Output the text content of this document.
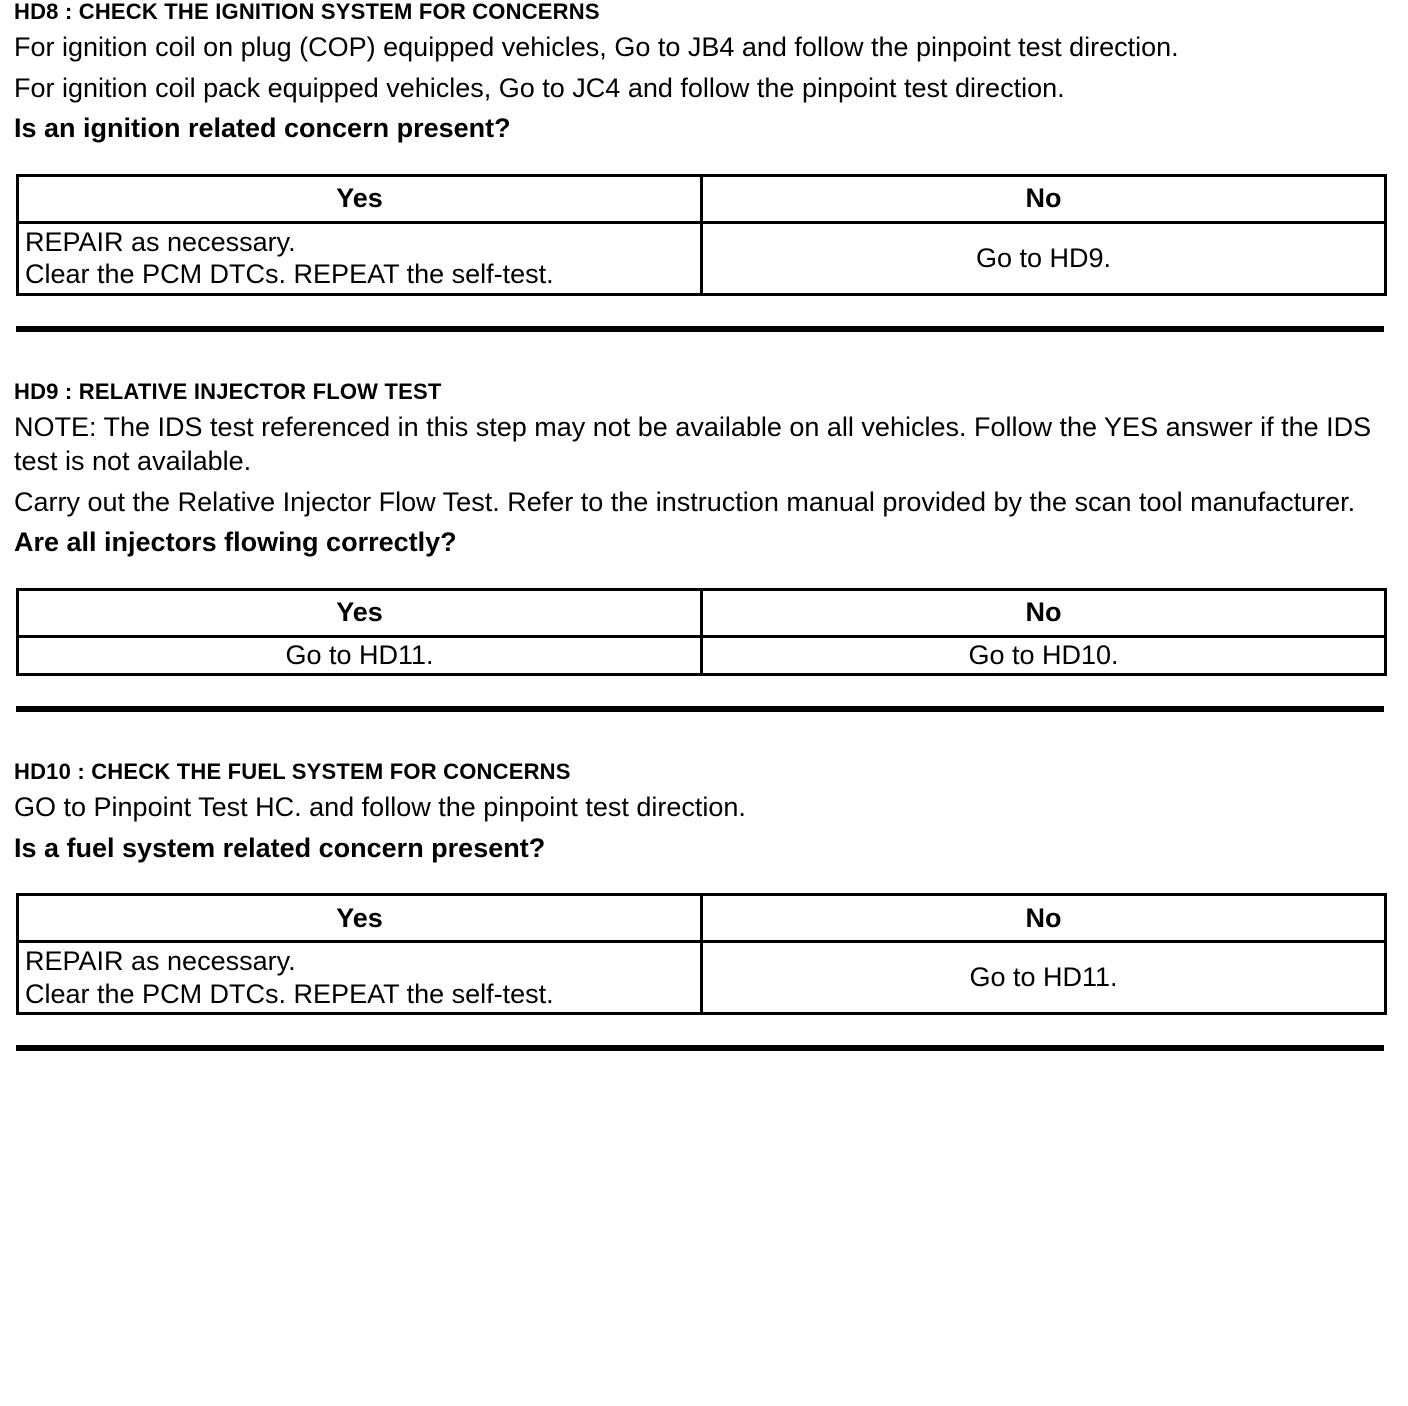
HD8 : CHECK THE IGNITION SYSTEM FOR CONCERNS

For ignition coil on plug (COP) equipped vehicles, Go to JB4 and follow the pinpoint test direction.

For ignition coil pack equipped vehicles, Go to JC4 and follow the pinpoint test direction.

Is an ignition related concern present?

Yes	No

REPAIR as necessary.
Clear the PCM DTCs. REPEAT the self-test.	Go to HD9.
HD9 : RELATIVE INJECTOR FLOW TEST

NOTE: The IDS test referenced in this step may not be available on all vehicles. Follow the YES answer if the IDS test is not available.

Carry out the Relative Injector Flow Test. Refer to the instruction manual provided by the scan tool manufacturer.

Are all injectors flowing correctly?

Yes	No
Go to HD11.	Go to HD10.
HD10 : CHECK THE FUEL SYSTEM FOR CONCERNS

GO to Pinpoint Test HC. and follow the pinpoint test direction.

Is a fuel system related concern present?

Yes	No

REPAIR as necessary.
Clear the PCM DTCs. REPEAT the self-test.	Go to HD11.
